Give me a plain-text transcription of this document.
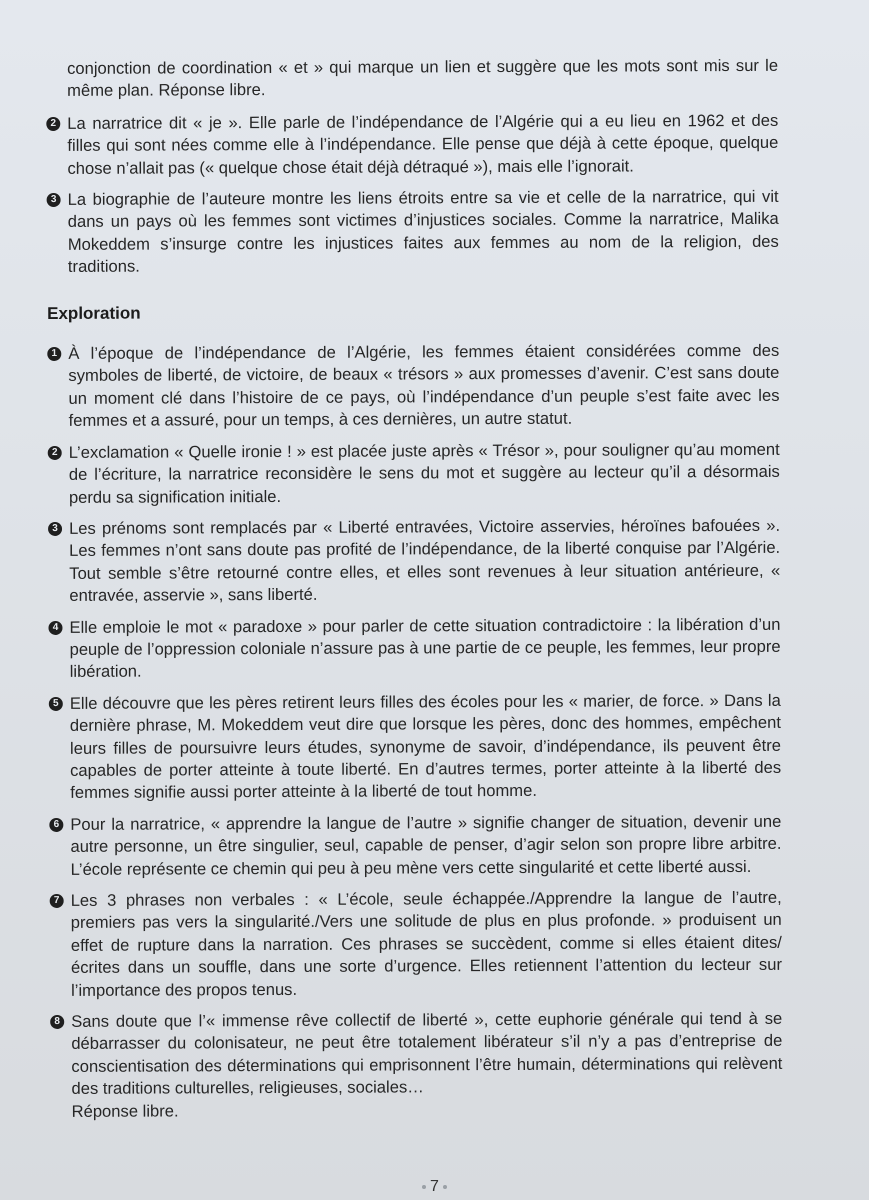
conjonction de coordination « et » qui marque un lien et suggère que les mots sont mis sur le même plan. Réponse libre.

2 La narratrice dit « je ». Elle parle de l’indépendance de l’Algérie qui a eu lieu en 1962 et des filles qui sont nées comme elle à l’indépendance. Elle pense que déjà à cette époque, quelque chose n’allait pas (« quelque chose était déjà détraqué »), mais elle l’ignorait.
3 La biographie de l’auteure montre les liens étroits entre sa vie et celle de la narratrice, qui vit dans un pays où les femmes sont victimes d’injustices sociales. Comme la narratrice, Malika Mokeddem s’insurge contre les injustices faites aux femmes au nom de la religion, des traditions.
Exploration
1 À l’époque de l’indépendance de l’Algérie, les femmes étaient considérées comme des symboles de liberté, de victoire, de beaux « trésors » aux promesses d’avenir. C’est sans doute un moment clé dans l’histoire de ce pays, où l’indépendance d’un peuple s’est faite avec les femmes et a assuré, pour un temps, à ces dernières, un autre statut.
2 L’exclamation « Quelle ironie ! » est placée juste après « Trésor », pour souligner qu’au moment de l’écriture, la narratrice reconsidère le sens du mot et suggère au lecteur qu’il a désormais perdu sa signification initiale.
3 Les prénoms sont remplacés par « Liberté entravées, Victoire asservies, héroïnes bafouées ». Les femmes n’ont sans doute pas profité de l’indépendance, de la liberté conquise par l’Algérie. Tout semble s’être retourné contre elles, et elles sont revenues à leur situation antérieure, « entravée, asservie », sans liberté.
4 Elle emploie le mot « paradoxe » pour parler de cette situation contradictoire : la libération d’un peuple de l’oppression coloniale n’assure pas à une partie de ce peuple, les femmes, leur propre libération.
5 Elle découvre que les pères retirent leurs filles des écoles pour les « marier, de force. » Dans la dernière phrase, M. Mokeddem veut dire que lorsque les pères, donc des hommes, empêchent leurs filles de poursuivre leurs études, synonyme de savoir, d’indépendance, ils peuvent être capables de porter atteinte à toute liberté. En d’autres termes, porter atteinte à la liberté des femmes signifie aussi porter atteinte à la liberté de tout homme.
6 Pour la narratrice, « apprendre la langue de l’autre » signifie changer de situation, devenir une autre personne, un être singulier, seul, capable de penser, d’agir selon son propre libre arbitre. L’école représente ce chemin qui peu à peu mène vers cette singularité et cette liberté aussi.
7 Les 3 phrases non verbales : « L’école, seule échappée./Apprendre la langue de l’autre, premiers pas vers la singularité./Vers une solitude de plus en plus profonde. » produisent un effet de rupture dans la narration. Ces phrases se succèdent, comme si elles étaient dites/écrites dans un souffle, dans une sorte d’urgence. Elles retiennent l’attention du lecteur sur l’importance des propos tenus.
8 Sans doute que l’« immense rêve collectif de liberté », cette euphorie générale qui tend à se débarrasser du colonisateur, ne peut être totalement libérateur s’il n’y a pas d’entreprise de conscientisation des déterminations qui emprisonnent l’être humain, déterminations qui relèvent des traditions culturelles, religieuses, sociales…
Réponse libre.
7
